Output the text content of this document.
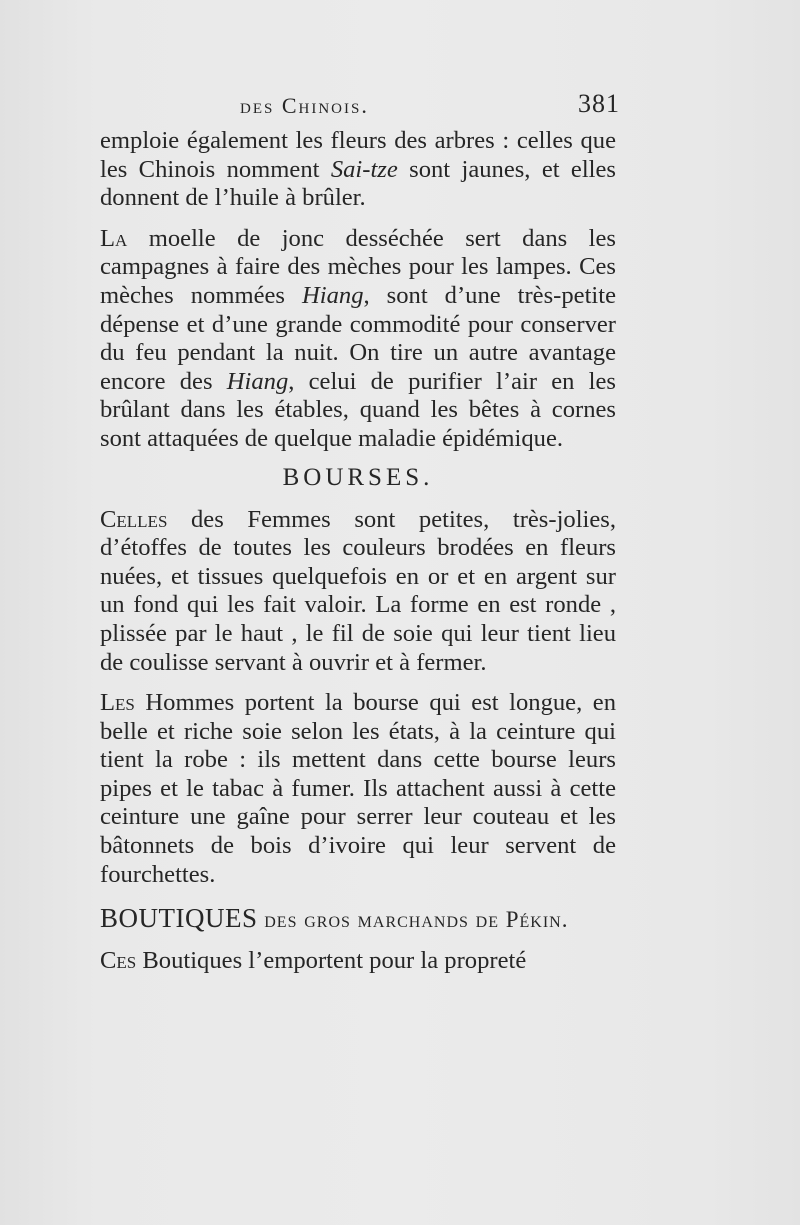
des Chinois.	381

emploie également les fleurs des arbres : celles que les Chinois nomment Sai-tze sont jaunes, et elles donnent de l’huile à brûler.

La moelle de jonc desséchée sert dans les campagnes à faire des mèches pour les lampes. Ces mèches nommées Hiang, sont d’une très-petite dépense et d’une grande commodité pour conserver du feu pendant la nuit. On tire un autre avantage encore des Hiang, celui de purifier l’air en les brûlant dans les étables, quand les bêtes à cornes sont attaquées de quelque maladie épidémique.

BOURSES.

Celles des Femmes sont petites, très-jolies, d’étoffes de toutes les couleurs brodées en fleurs nuées, et tissues quelquefois en or et en argent sur un fond qui les fait valoir. La forme en est ronde , plissée par le haut , le fil de soie qui leur tient lieu de coulisse servant à ouvrir et à fermer.

Les Hommes portent la bourse qui est longue, en belle et riche soie selon les états, à la ceinture qui tient la robe : ils mettent dans cette bourse leurs pipes et le tabac à fumer. Ils attachent aussi à cette ceinture une gaîne pour serrer leur couteau et les bâtonnets de bois d’ivoire qui leur servent de fourchettes.

BOUTIQUES des gros marchands de Pékin.

Ces Boutiques l’emportent pour la propreté
